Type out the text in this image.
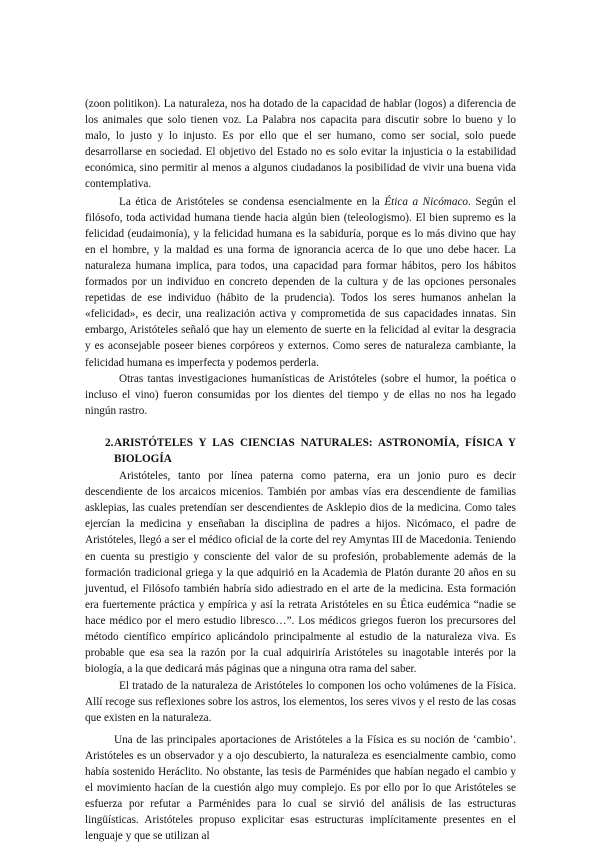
(zoon politikon). La naturaleza, nos ha dotado de la capacidad de hablar (logos) a diferencia de los animales que solo tienen voz. La Palabra nos capacita para discutir sobre lo bueno y lo malo, lo justo y lo injusto. Es por ello que el ser humano, como ser social, solo puede desarrollarse en sociedad. El objetivo del Estado no es solo evitar la injusticia o la estabilidad económica, sino permitir al menos a algunos ciudadanos la posibilidad de vivir una buena vida contemplativa.

La ética de Aristóteles se condensa esencialmente en la Ética a Nicómaco. Según el filósofo, toda actividad humana tiende hacia algún bien (teleologismo). El bien supremo es la felicidad (eudaimonía), y la felicidad humana es la sabiduría, porque es lo más divino que hay en el hombre, y la maldad es una forma de ignorancia acerca de lo que uno debe hacer. La naturaleza humana implica, para todos, una capacidad para formar hábitos, pero los hábitos formados por un individuo en concreto dependen de la cultura y de las opciones personales repetidas de ese individuo (hábito de la prudencia). Todos los seres humanos anhelan la «felicidad», es decir, una realización activa y comprometida de sus capacidades innatas. Sin embargo, Aristóteles señaló que hay un elemento de suerte en la felicidad al evitar la desgracia y es aconsejable poseer bienes corpóreos y externos. Como seres de naturaleza cambiante, la felicidad humana es imperfecta y podemos perderla.

Otras tantas investigaciones humanísticas de Aristóteles (sobre el humor, la poética o incluso el vino) fueron consumidas por los dientes del tiempo y de ellas no nos ha legado ningún rastro.

2. ARISTÓTELES Y LAS CIENCIAS NATURALES: ASTRONOMÍA, FÍSICA Y BIOLOGÍA

Aristóteles, tanto por línea paterna como paterna, era un jonio puro es decir descendiente de los arcaicos micenios. También por ambas vías era descendiente de familias asklepias, las cuales pretendían ser descendientes de Asklepio dios de la medicina. Como tales ejercían la medicina y enseñaban la disciplina de padres a hijos. Nicómaco, el padre de Aristóteles, llegó a ser el médico oficial de la corte del rey Amyntas III de Macedonia. Teniendo en cuenta su prestigio y consciente del valor de su profesión, probablemente además de la formación tradicional griega y la que adquirió en la Academia de Platón durante 20 años en su juventud, el Filósofo también habría sido adiestrado en el arte de la medicina. Esta formación era fuertemente práctica y empírica y así la retrata Aristóteles en su Ética eudémica “nadie se hace médico por el mero estudio libresco…”. Los médicos griegos fueron los precursores del método científico empírico aplicándolo principalmente al estudio de la naturaleza viva. Es probable que esa sea la razón por la cual adquiriría Aristóteles su inagotable interés por la biología, a la que dedicará más páginas que a ninguna otra rama del saber.

El tratado de la naturaleza de Aristóteles lo componen los ocho volúmenes de la Física. Allí recoge sus reflexiones sobre los astros, los elementos, los seres vivos y el resto de las cosas que existen en la naturaleza.

Una de las principales aportaciones de Aristóteles a la Física es su noción de ‘cambio’. Aristóteles es un observador y a ojo descubierto, la naturaleza es esencialmente cambio, como había sostenido Heráclito. No obstante, las tesis de Parménides que habían negado el cambio y el movimiento hacían de la cuestión algo muy complejo. Es por ello por lo que Aristóteles se esfuerza por refutar a Parménides para lo cual se sirvió del análisis de las estructuras lingüísticas. Aristóteles propuso explicitar esas estructuras implícitamente presentes en el lenguaje y que se utilizan al
